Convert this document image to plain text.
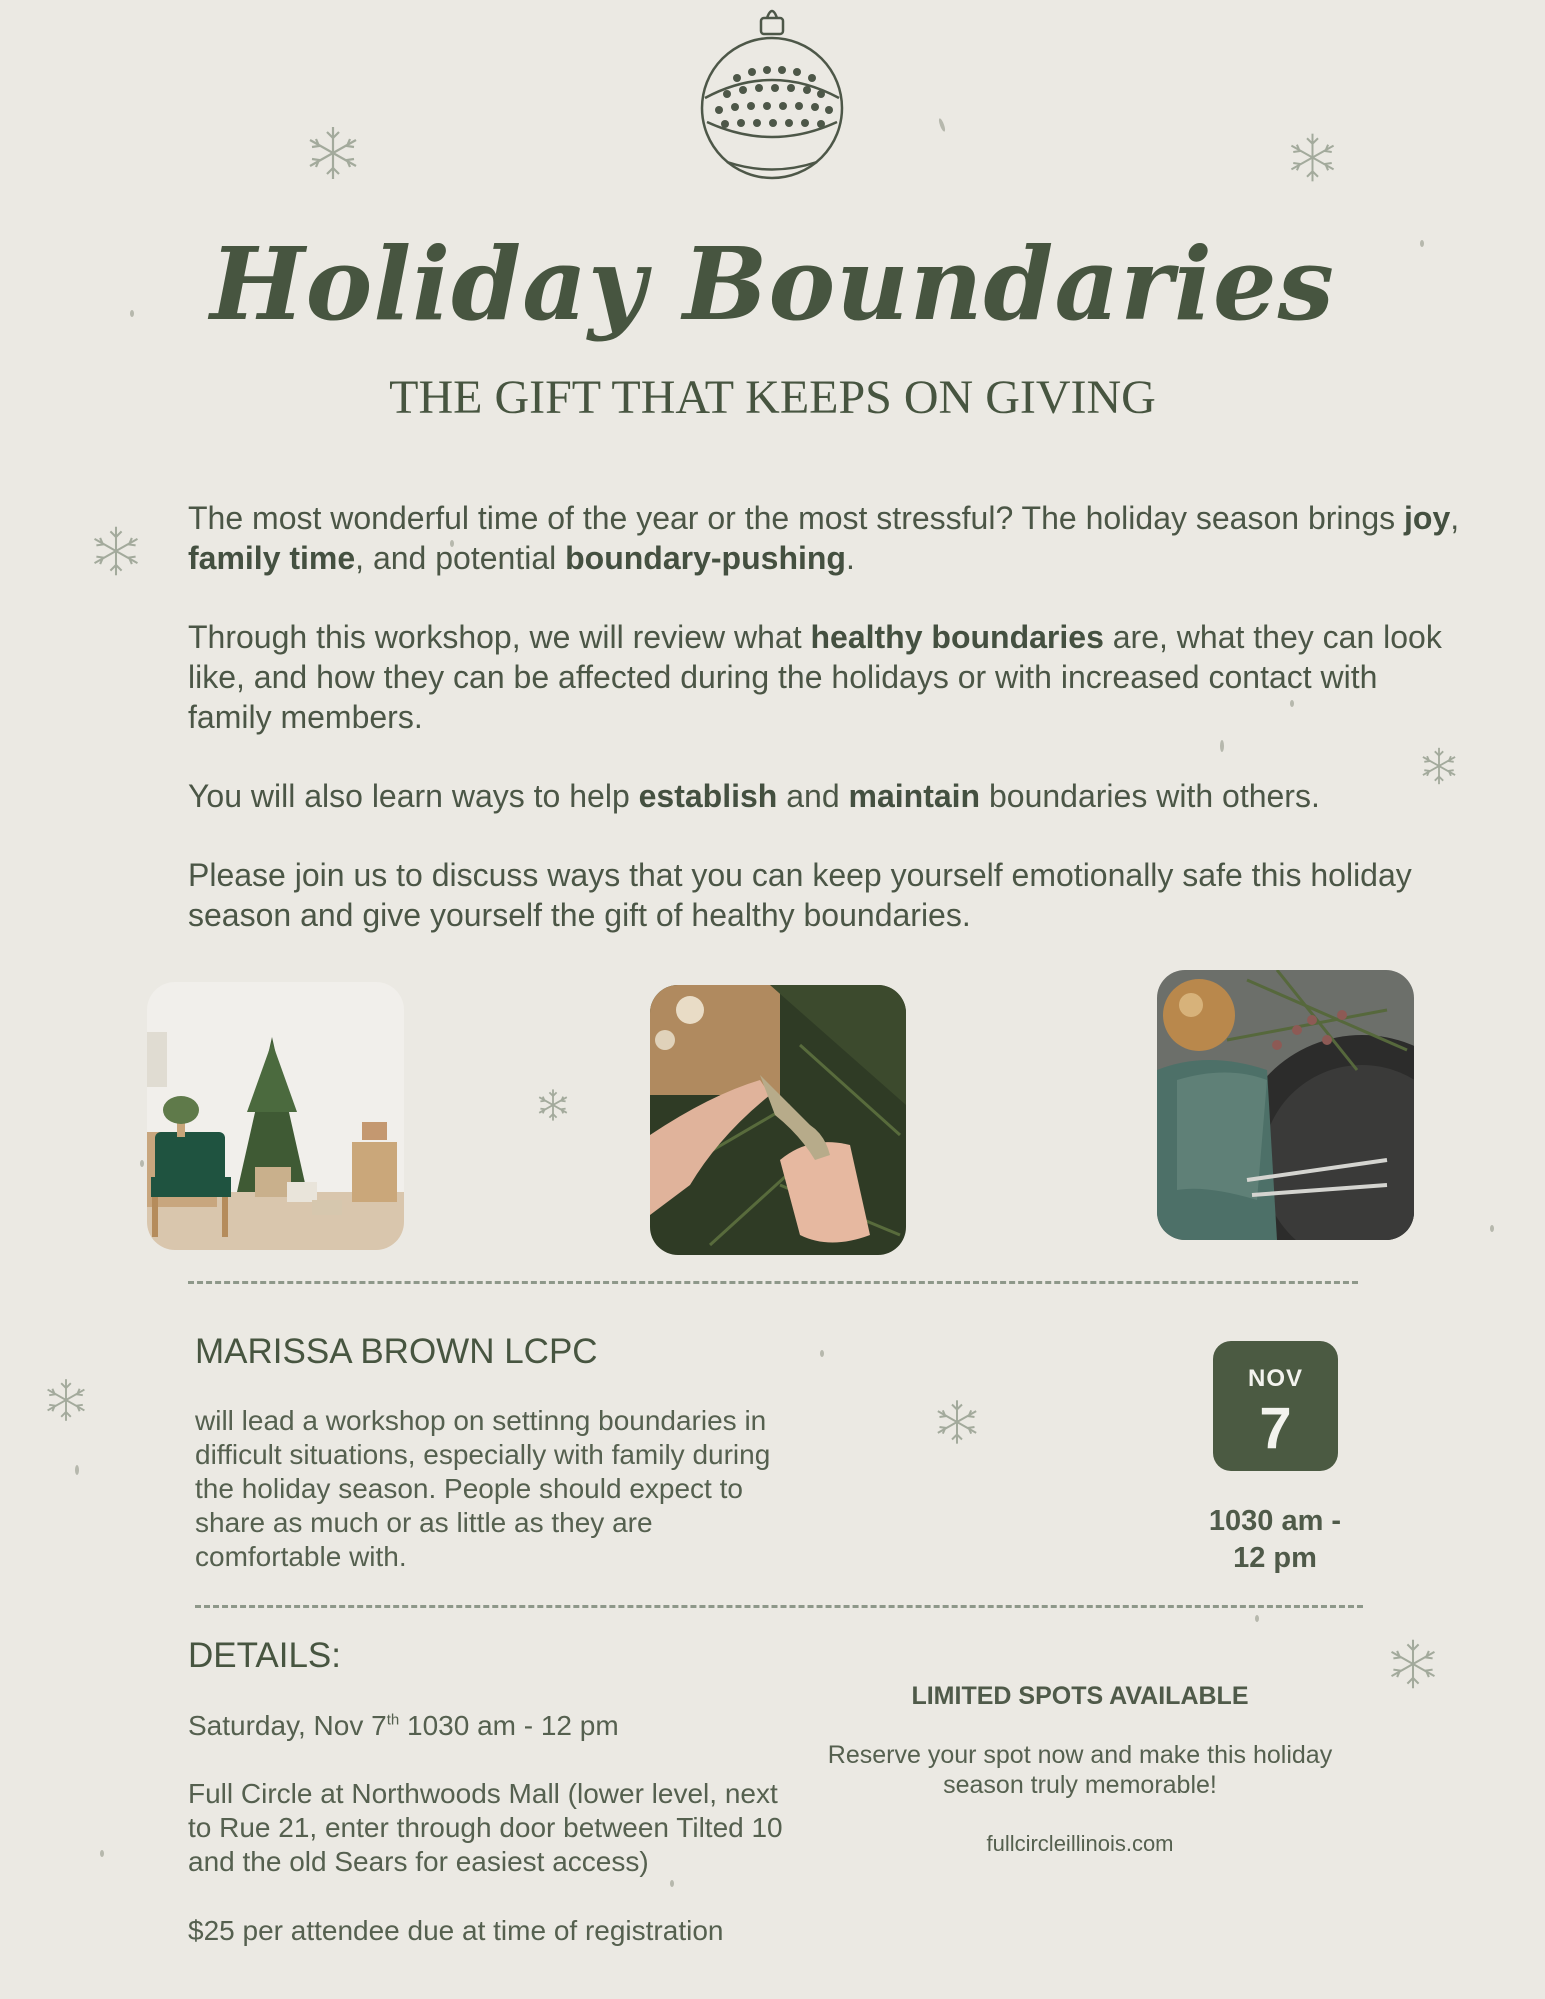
Holiday Boundaries
THE GIFT THAT KEEPS ON GIVING

The most wonderful time of the year or the most stressful? The holiday season brings joy, family time, and potential boundary-pushing.

Through this workshop, we will review what healthy boundaries are, what they can look like, and how they can be affected during the holidays or with increased contact with family members.

You will also learn ways to help establish and maintain boundaries with others.

Please join us to discuss ways that you can keep yourself emotionally safe this holiday season and give yourself the gift of healthy boundaries.

MARISSA BROWN LCPC
will lead a workshop on settinng boundaries in difficult situations, especially with family during the holiday season. People should expect to share as much or as little as they are comfortable with.
NOV
7
1030 am -
12 pm
DETAILS:
Saturday, Nov 7th 1030 am - 12 pm
Full Circle at Northwoods Mall (lower level, next to Rue 21, enter through door between Tilted 10 and the old Sears for easiest access)
$25 per attendee due at time of registration
LIMITED SPOTS AVAILABLE
Reserve your spot now and make this holiday season truly memorable!
fullcircleillinois.com
